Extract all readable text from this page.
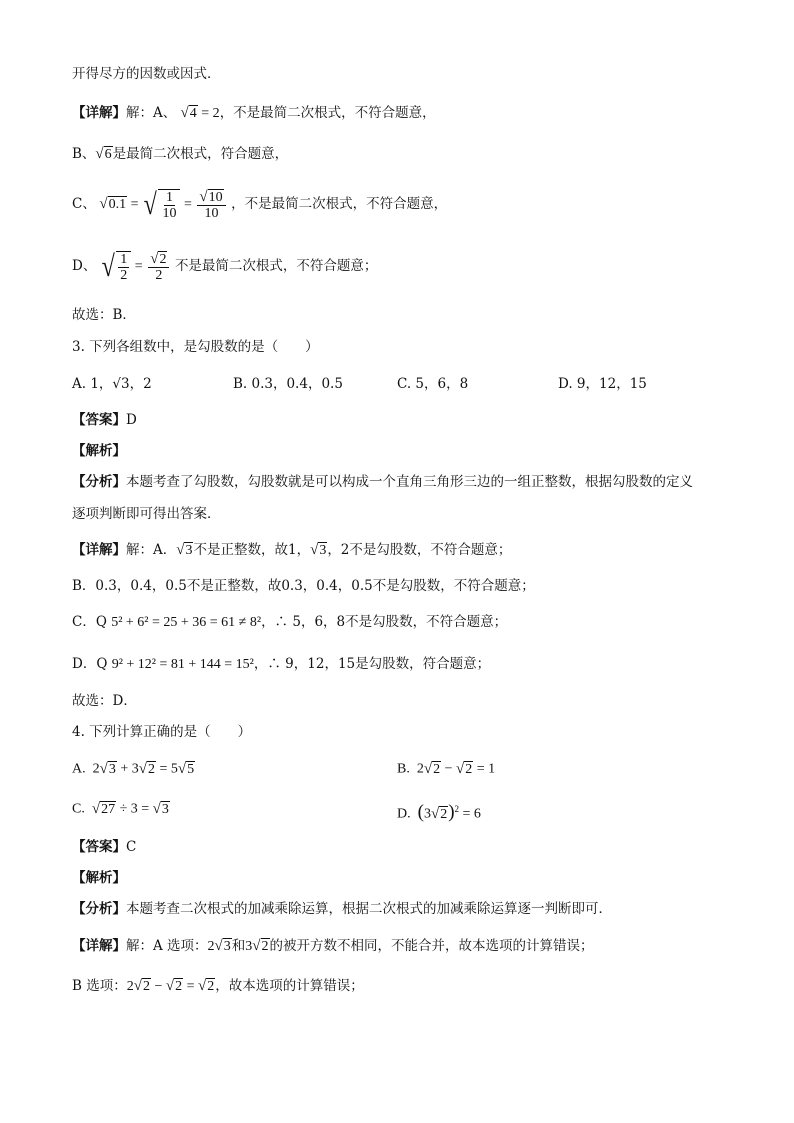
开得尽方的因数或因式．
【详解】解：A、 √4 = 2，不是最简二次根式，不符合题意，
B、√6是最简二次根式，符合题意，
C、 √0.1 = √ $\frac{1}{10} = \frac{√10}{10}$ ，不是最简二次根式，不符合题意，
D、 √ $\frac{1}{2} = \frac{√2}{2}$ 不是最简二次根式，不符合题意；
故选：B．
3. 下列各组数中，是勾股数的是（　　）
A. 1，√3，2	B. 0.3，0.4，0.5	C. 5，6，8	D. 9，12，15
【答案】D
【解析】
【分析】本题考查了勾股数，勾股数就是可以构成一个直角三角形三边的一组正整数，根据勾股数的定义
逐项判断即可得出答案．
【详解】解：A．√3不是正整数，故1，√3，2不是勾股数，不符合题意；
B．0.3，0.4，0.5不是正整数，故0.3，0.4，0.5不是勾股数，不符合题意；
C．Q 5² + 6² = 25 + 36 = 61 ≠ 8²，∴ 5，6，8不是勾股数，不符合题意；
D．Q 9² + 12² = 81 + 144 = 15²，∴ 9，12，15是勾股数，符合题意；
故选：D．
4. 下列计算正确的是（　　）
A.  2√3 + 3√2 = 5√5	B.  2√2 − √2 = 1
C. √27 ÷ 3 = √3	D. $(3√2)^2 = 6$
【答案】C
【解析】
【分析】本题考查二次根式的加减乘除运算，根据二次根式的加减乘除运算逐一判断即可．
【详解】解：A 选项：2√3和3√2的被开方数不相同，不能合并，故本选项的计算错误；
B 选项：2√2 − √2 = √2，故本选项的计算错误；
